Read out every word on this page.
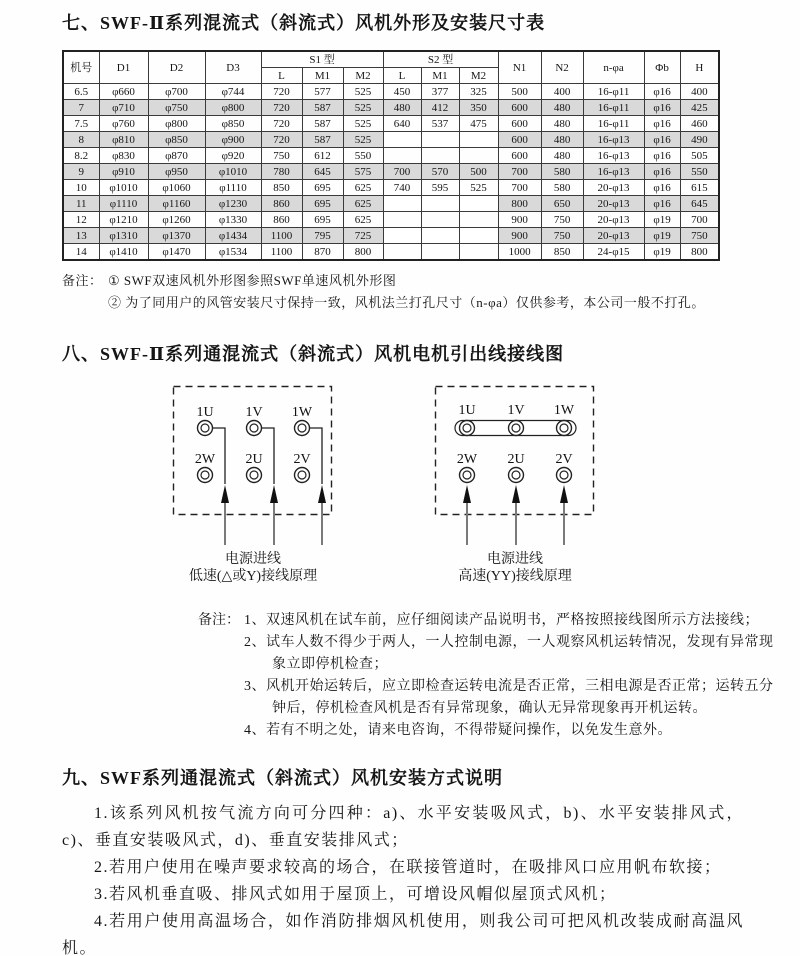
七、SWF-Ⅱ系列混流式（斜流式）风机外形及安装尺寸表
机号	D1	D2	D3	S1 型			S2 型			N1	N2	n-φa	Φb	H
				L	M1	M2	L	M1	M2					
6.5	φ660	φ700	φ744	720	577	525	450	377	325	500	400	16-φ11	φ16	400
7	φ710	φ750	φ800	720	587	525	480	412	350	600	480	16-φ11	φ16	425
7.5	φ760	φ800	φ850	720	587	525	640	537	475	600	480	16-φ11	φ16	460
8	φ810	φ850	φ900	720	587	525				600	480	16-φ13	φ16	490
8.2	φ830	φ870	φ920	750	612	550				600	480	16-φ13	φ16	505
9	φ910	φ950	φ1010	780	645	575	700	570	500	700	580	16-φ13	φ16	550
10	φ1010	φ1060	φ1110	850	695	625	740	595	525	700	580	20-φ13	φ16	615
11	φ1110	φ1160	φ1230	860	695	625				800	650	20-φ13	φ16	645
12	φ1210	φ1260	φ1330	860	695	625				900	750	20-φ13	φ19	700
13	φ1310	φ1370	φ1434	1100	795	725				900	750	20-φ13	φ19	750
14	φ1410	φ1470	φ1534	1100	870	800				1000	850	24-φ15	φ19	800
备注： ① SWF双速风机外形图参照SWF单速风机外形图
② 为了同用户的风管安装尺寸保持一致，风机法兰打孔尺寸（n-φa）仅供参考，本公司一般不打孔。
八、SWF-Ⅱ系列通混流式（斜流式）风机电机引出线接线图
1U 1V 1W
2W 2U 2V
电源进线
低速(△或Y)接线原理
1U 1V 1W
2W 2U 2V
电源进线
高速(YY)接线原理
备注： 1、双速风机在试车前，应仔细阅读产品说明书，严格按照接线图所示方法接线；
2、试车人数不得少于两人，一人控制电源，一人观察风机运转情况，发现有异常现象立即停机检查；
3、风机开始运转后，应立即检查运转电流是否正常，三相电源是否正常；运转五分钟后，停机检查风机是否有异常现象，确认无异常现象再开机运转。
4、若有不明之处，请来电咨询，不得带疑问操作，以免发生意外。
九、SWF系列通混流式（斜流式）风机安装方式说明

1.该系列风机按气流方向可分四种：a)、水平安装吸风式，b)、水平安装排风式，c)、垂直安装吸风式，d)、垂直安装排风式；

2.若用户使用在噪声要求较高的场合，在联接管道时，在吸排风口应用帆布软接；

3.若风机垂直吸、排风式如用于屋顶上，可增设风帽似屋顶式风机；

4.若用户使用高温场合，如作消防排烟风机使用，则我公司可把风机改装成耐高温风机。
